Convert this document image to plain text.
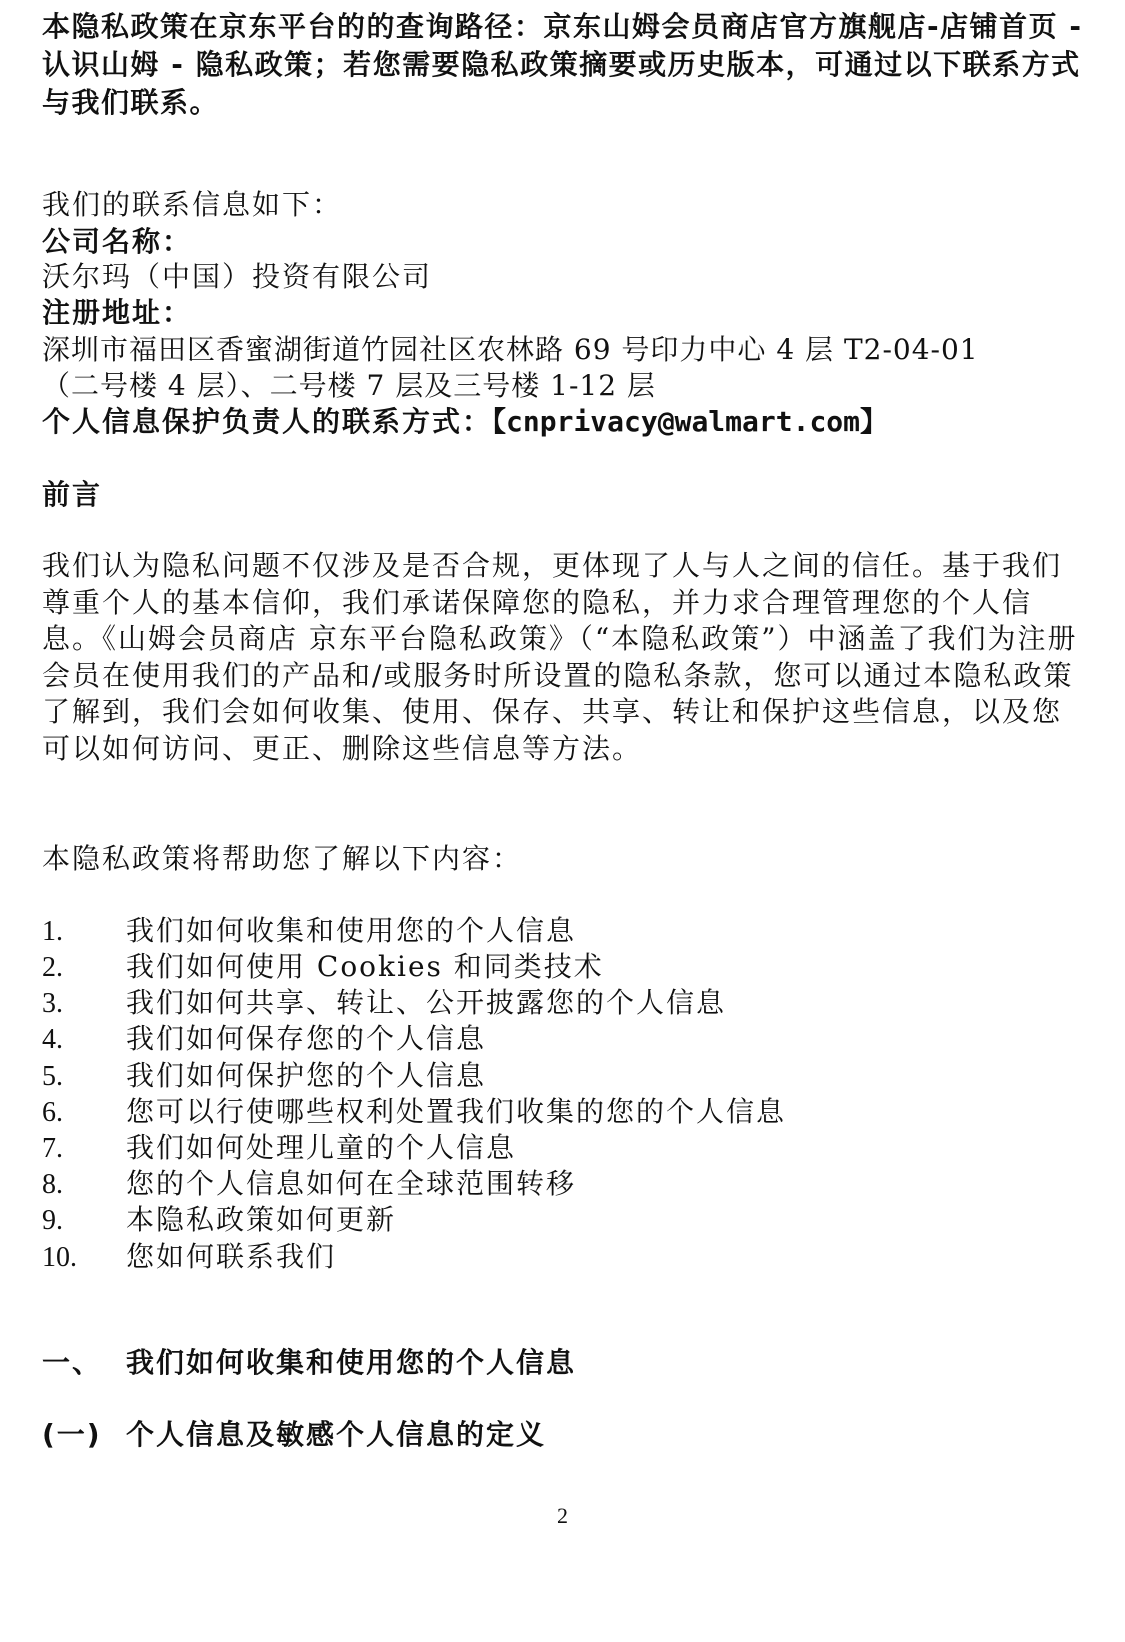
本隐私政策在京东平台的的查询路径：京东山姆会员商店官方旗舰店-店铺首页 - 认识山姆 - 隐私政策；若您需要隐私政策摘要或历史版本，可通过以下联系方式与我们联系。
我们的联系信息如下：
公司名称：
沃尔玛（中国）投资有限公司
注册地址：
深圳市福田区香蜜湖街道竹园社区农林路 69 号印力中心 4 层 T2-04-01
（二号楼 4 层）、二号楼 7 层及三号楼 1-12 层
个人信息保护负责人的联系方式：【cnprivacy@walmart.com】
前言
我们认为隐私问题不仅涉及是否合规，更体现了人与人之间的信任。基于我们尊重个人的基本信仰，我们承诺保障您的隐私，并力求合理管理您的个人信息。《山姆会员商店 京东平台隐私政策》（“本隐私政策”）中涵盖了我们为注册会员在使用我们的产品和/或服务时所设置的隐私条款，您可以通过本隐私政策了解到，我们会如何收集、使用、保存、共享、转让和保护这些信息，以及您可以如何访问、更正、删除这些信息等方法。
本隐私政策将帮助您了解以下内容：
1. 我们如何收集和使用您的个人信息
2. 我们如何使用 Cookies 和同类技术
3. 我们如何共享、转让、公开披露您的个人信息
4. 我们如何保存您的个人信息
5. 我们如何保护您的个人信息
6. 您可以行使哪些权利处置我们收集的您的个人信息
7. 我们如何处理儿童的个人信息
8. 您的个人信息如何在全球范围转移
9. 本隐私政策如何更新
10. 您如何联系我们
一、 我们如何收集和使用您的个人信息
(一) 个人信息及敏感个人信息的定义
2
